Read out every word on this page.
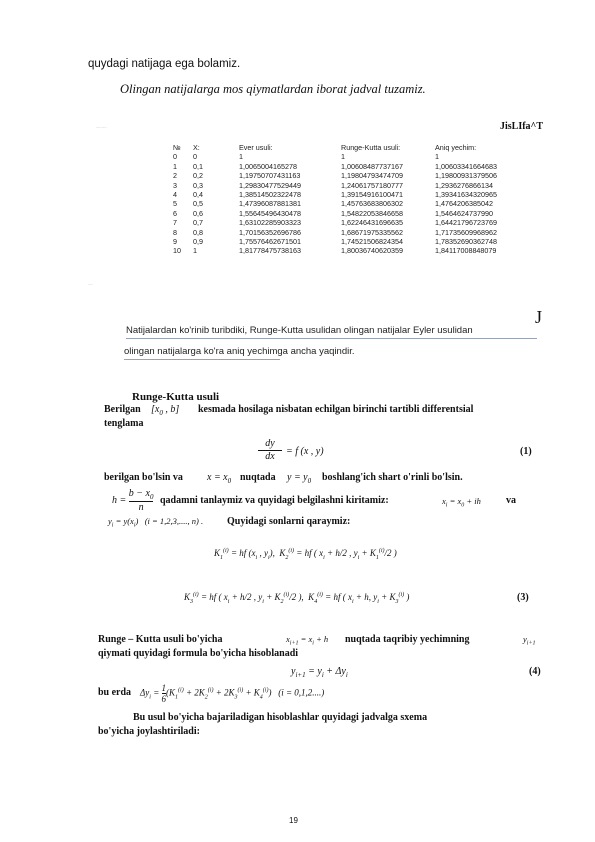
quydagi natijaga ega bolamiz.
Olingan natijalarga mos qiymatlardan iborat jadval tuzamiz.
·············	JisLIfa^T
······
J
№	X:	Ever usuli:	Runge-Kutta usuli:	Aniq yechim:
0	0	1	1	1
1	0,1	1,0065004165278	1,00608487737167	1,00603341664683
2	0,2	1,19750707431163	1,19804793474709	1,19800931379506
3	0,3	1,29830477529449	1,24061757180777	1,2936276866134
4	0,4	1,38514502322478	1,39154916100471	1,39341634320965
5	0,5	1,47396087881381	1,45763683806302	1,4764206385042
6	0,6	1,55645496430478	1,54822053846658	1,5464624737990
7	0,7	1,63102285903323	1,62246431696635	1,64421796723769
8	0,8	1,70156352696786	1,68671975335562	1,71735609968962
9	0,9	1,75576462671501	1,74521506824354	1,78352690362748
10	1	1,81778475738163	1,80036740620359	1,84117008848079
Natijalardan ko'rinib turibdiki, Runge-Kutta usulidan olingan natijalar Eyler usulidan
olingan natijalarga ko'ra aniq yechimga ancha yaqindir.
Runge-Kutta usuli
Berilgan [$x_0$ , b] kesmada hosilaga nisbatan echilgan birinchi tartibli differentsial
tenglama
dy
dx	= f (x , y)	(1)
berilgan bo'lsin va $x = x_0$ nuqtada $y = y_0$ boshlang'ich shart o'rinli bo'lsin.
$h = b - x_0$
n
qadamni tanlaymiz va quyidagi belgilashni kiritamiz:	$x_i = x_0$ + ih	va
$y_i = y(x_i) (i = 1,2,3$,...., n) . Quyidagi sonlarni qaraymiz:
$K_1^{(i)}$ = hf ($x_i$ , $y_i$),  $K_2^{(i)}$ = hf ( $x_i + h/2$ , $y_i + K_1^{(i)}/2$ )
$K_3^{(i)}$ = hf ( $x_i + h/2$ , $y_i + K_2^{(i)}/2$ ),  $K_4^{(i)}$ = hf ( $x_i + h$, $y_i + K_3^{(i)}$ )	(3)
Runge – Kutta usuli bo'yicha	$x_{i+1} = x_i + h$ nuqtada taqribiy yechimning	$y_{i+1}$
qiymati quyidagi formula bo'yicha hisoblanadi
$y_{i+1} = y_i + \Delta y_i$	(4)
bu erda $\Delta y_i = 1$
6
$(K_1^{(i)} + 2K_2^{(i)} + 2K_3^{(i)} + K_4^{(i)}) (i = 0,1,2....)$
Bu usul bo'yicha bajariladigan hisoblashlar quyidagi jadvalga sxema
bo'yicha joylashtiriladi:
19
